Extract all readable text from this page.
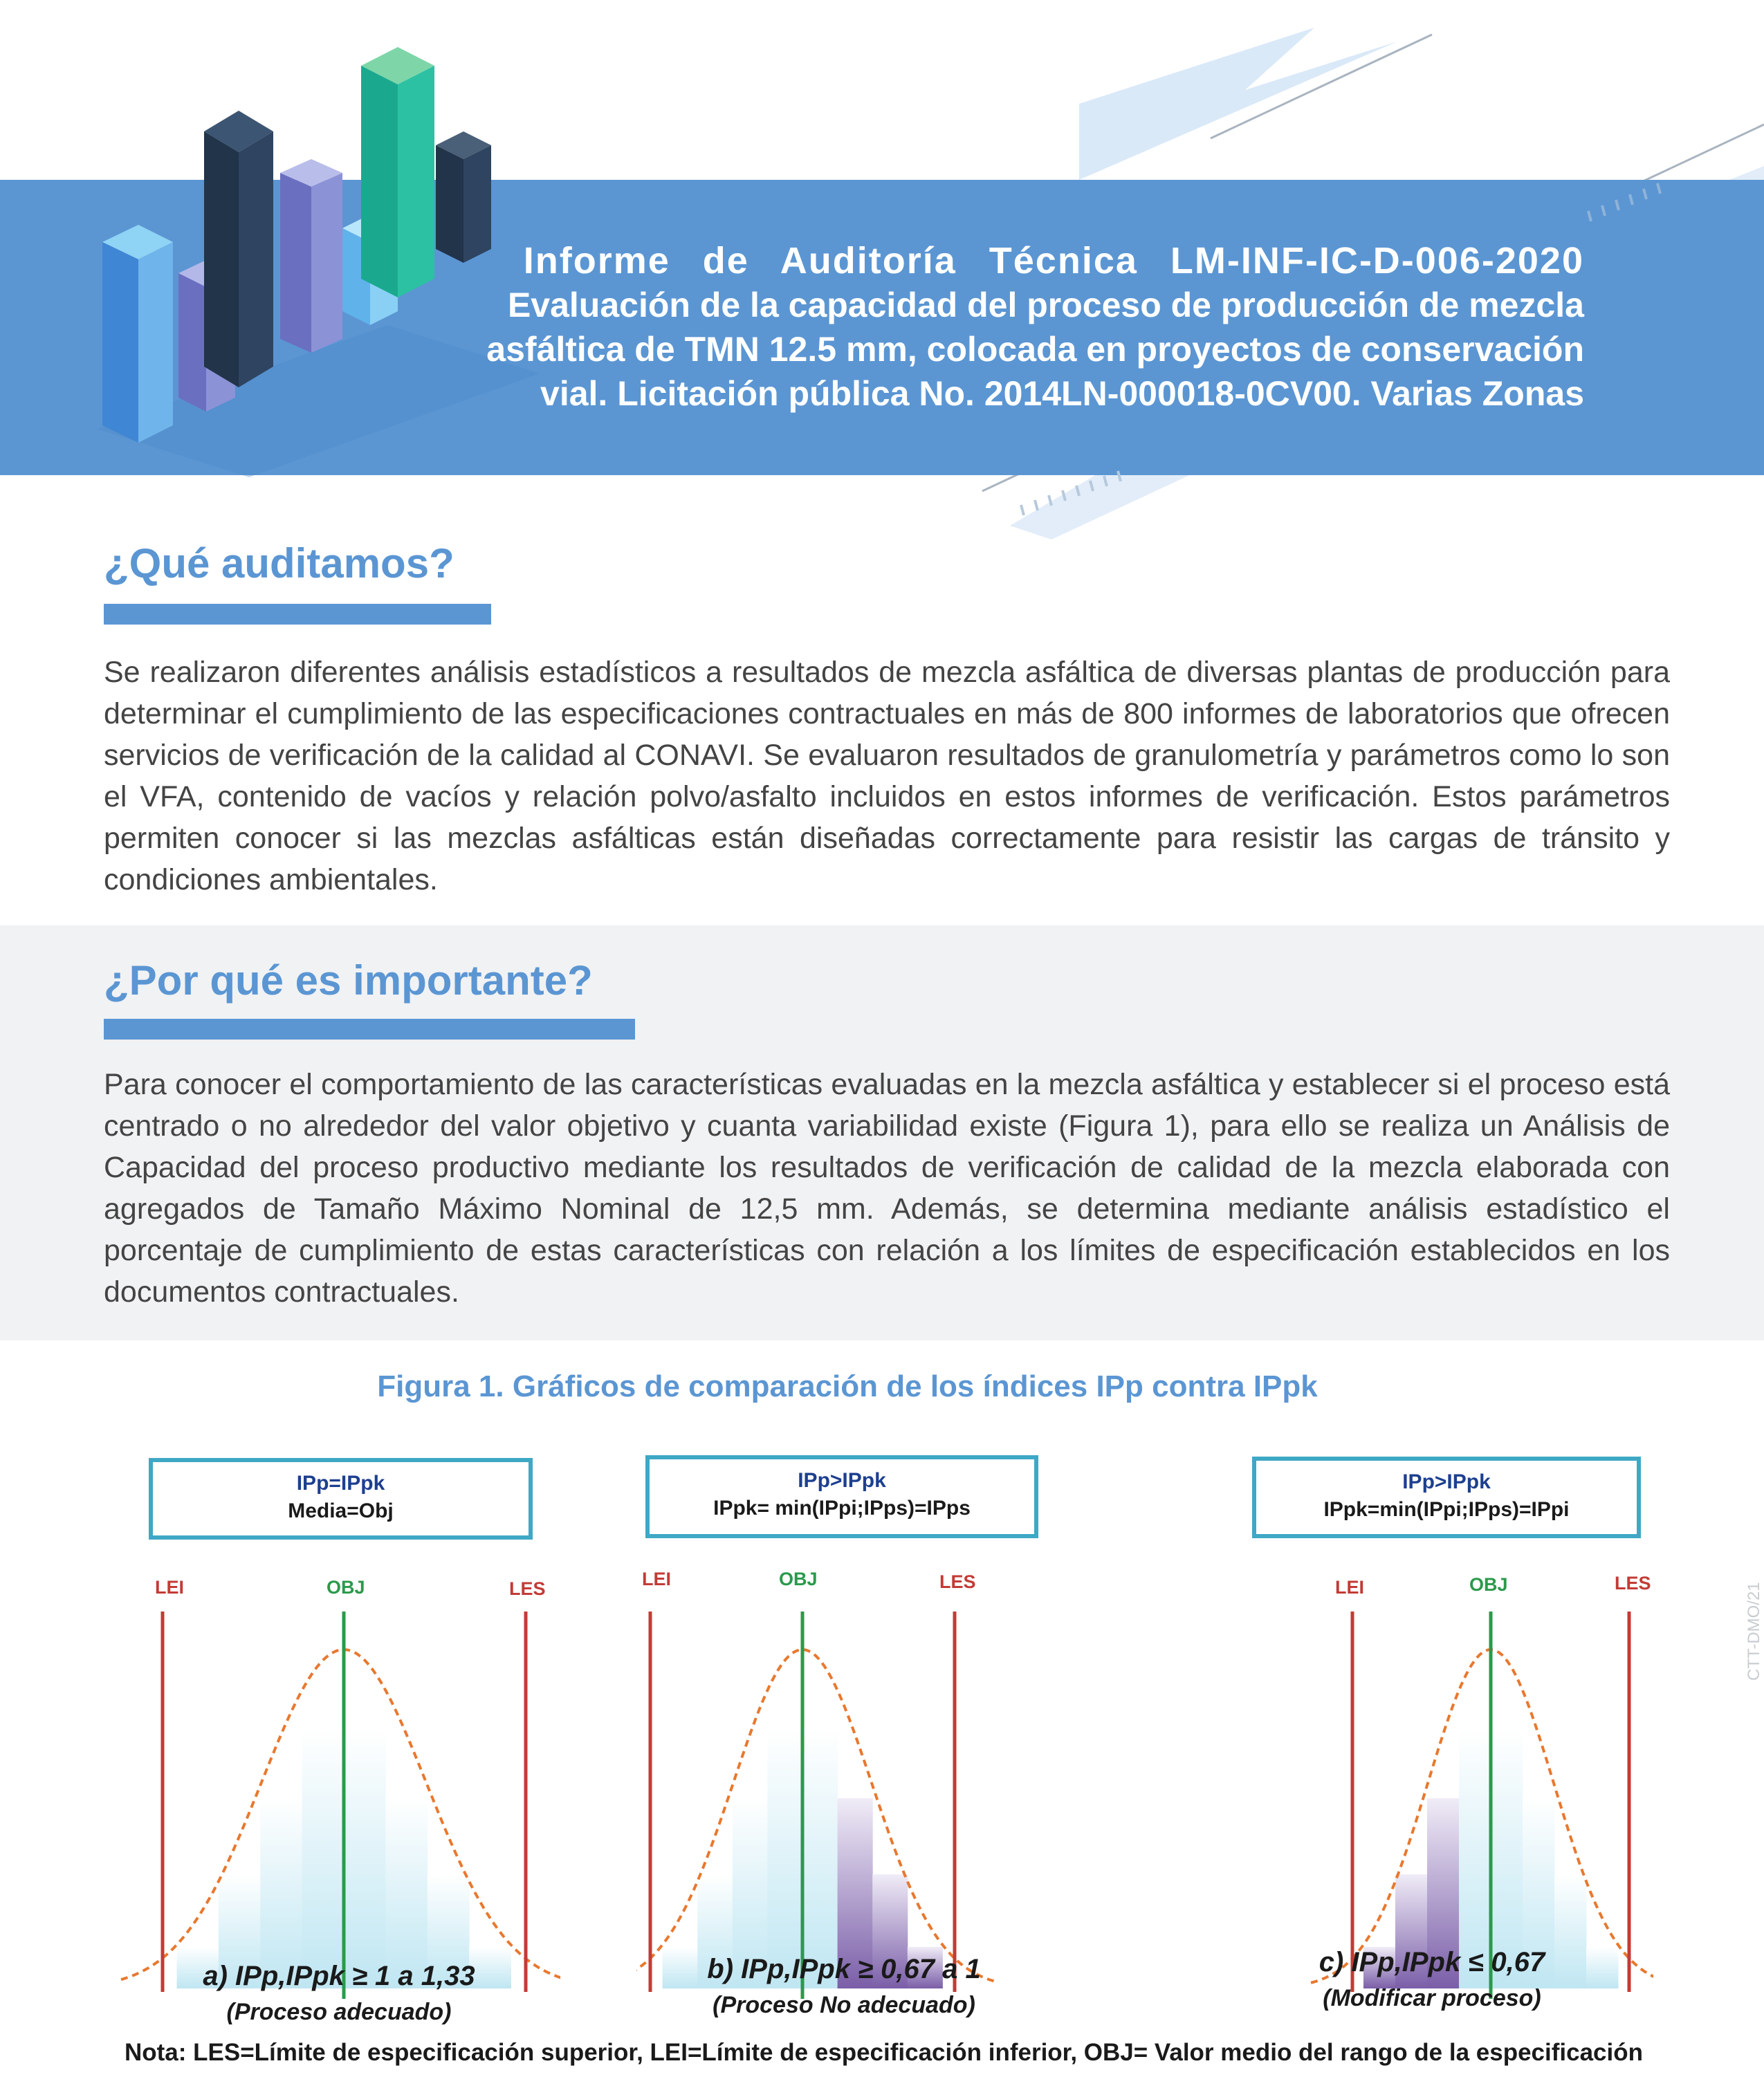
Informe de Auditoría Técnica LM-INF-IC-D-006-2020
Evaluación de la capacidad del proceso de producción de mezcla
asfáltica de TMN 12.5 mm, colocada en proyectos de conservación
vial. Licitación pública No. 2014LN-000018-0CV00. Varias Zonas
¿Qué auditamos?
Se realizaron diferentes análisis estadísticos a resultados de mezcla asfáltica de diversas plantas de producción para determinar el cumplimiento de las especificaciones contractuales en más de 800 informes de laboratorios que ofrecen servicios de verificación de la calidad al CONAVI. Se evaluaron resultados de granulometría y parámetros como lo son el VFA, contenido de vacíos y relación polvo/asfalto incluidos en estos informes de verificación. Estos parámetros permiten conocer si las mezclas asfálticas están diseñadas correctamente para resistir las cargas de tránsito y condiciones ambientales.
¿Por qué es importante?
Para conocer el comportamiento de las características evaluadas en la mezcla asfáltica y establecer si el proceso está centrado o no alrededor del valor objetivo y cuanta variabilidad existe (Figura 1), para ello se realiza un Análisis de Capacidad del proceso productivo mediante los resultados de verificación de calidad de la mezcla elaborada con agregados de Tamaño Máximo Nominal de 12,5 mm. Además, se determina mediante análisis estadístico el porcentaje de cumplimiento de estas características con relación a los límites de especificación establecidos en los documentos contractuales.
Figura 1. Gráficos de comparación de los índices IPp contra IPpk
IPp=IPpk
Media=Obj
LEI	OBJ	LES
a) IPp,IPpk ≥ 1 a 1,33
(Proceso adecuado)
IPp>IPpk
IPpk= min(IPpi;IPps)=IPps
LEI	OBJ	LES
b) IPp,IPpk ≥ 0,67 a 1
(Proceso No adecuado)
IPp>IPpk
IPpk=min(IPpi;IPps)=IPpi
LEI	OBJ	LES
c) IPp,IPpk ≤ 0,67
(Modificar proceso)
Nota: LES=Límite de especificación superior, LEI=Límite de especificación inferior, OBJ= Valor medio del rango de la especificación
CTT-DMO/21
